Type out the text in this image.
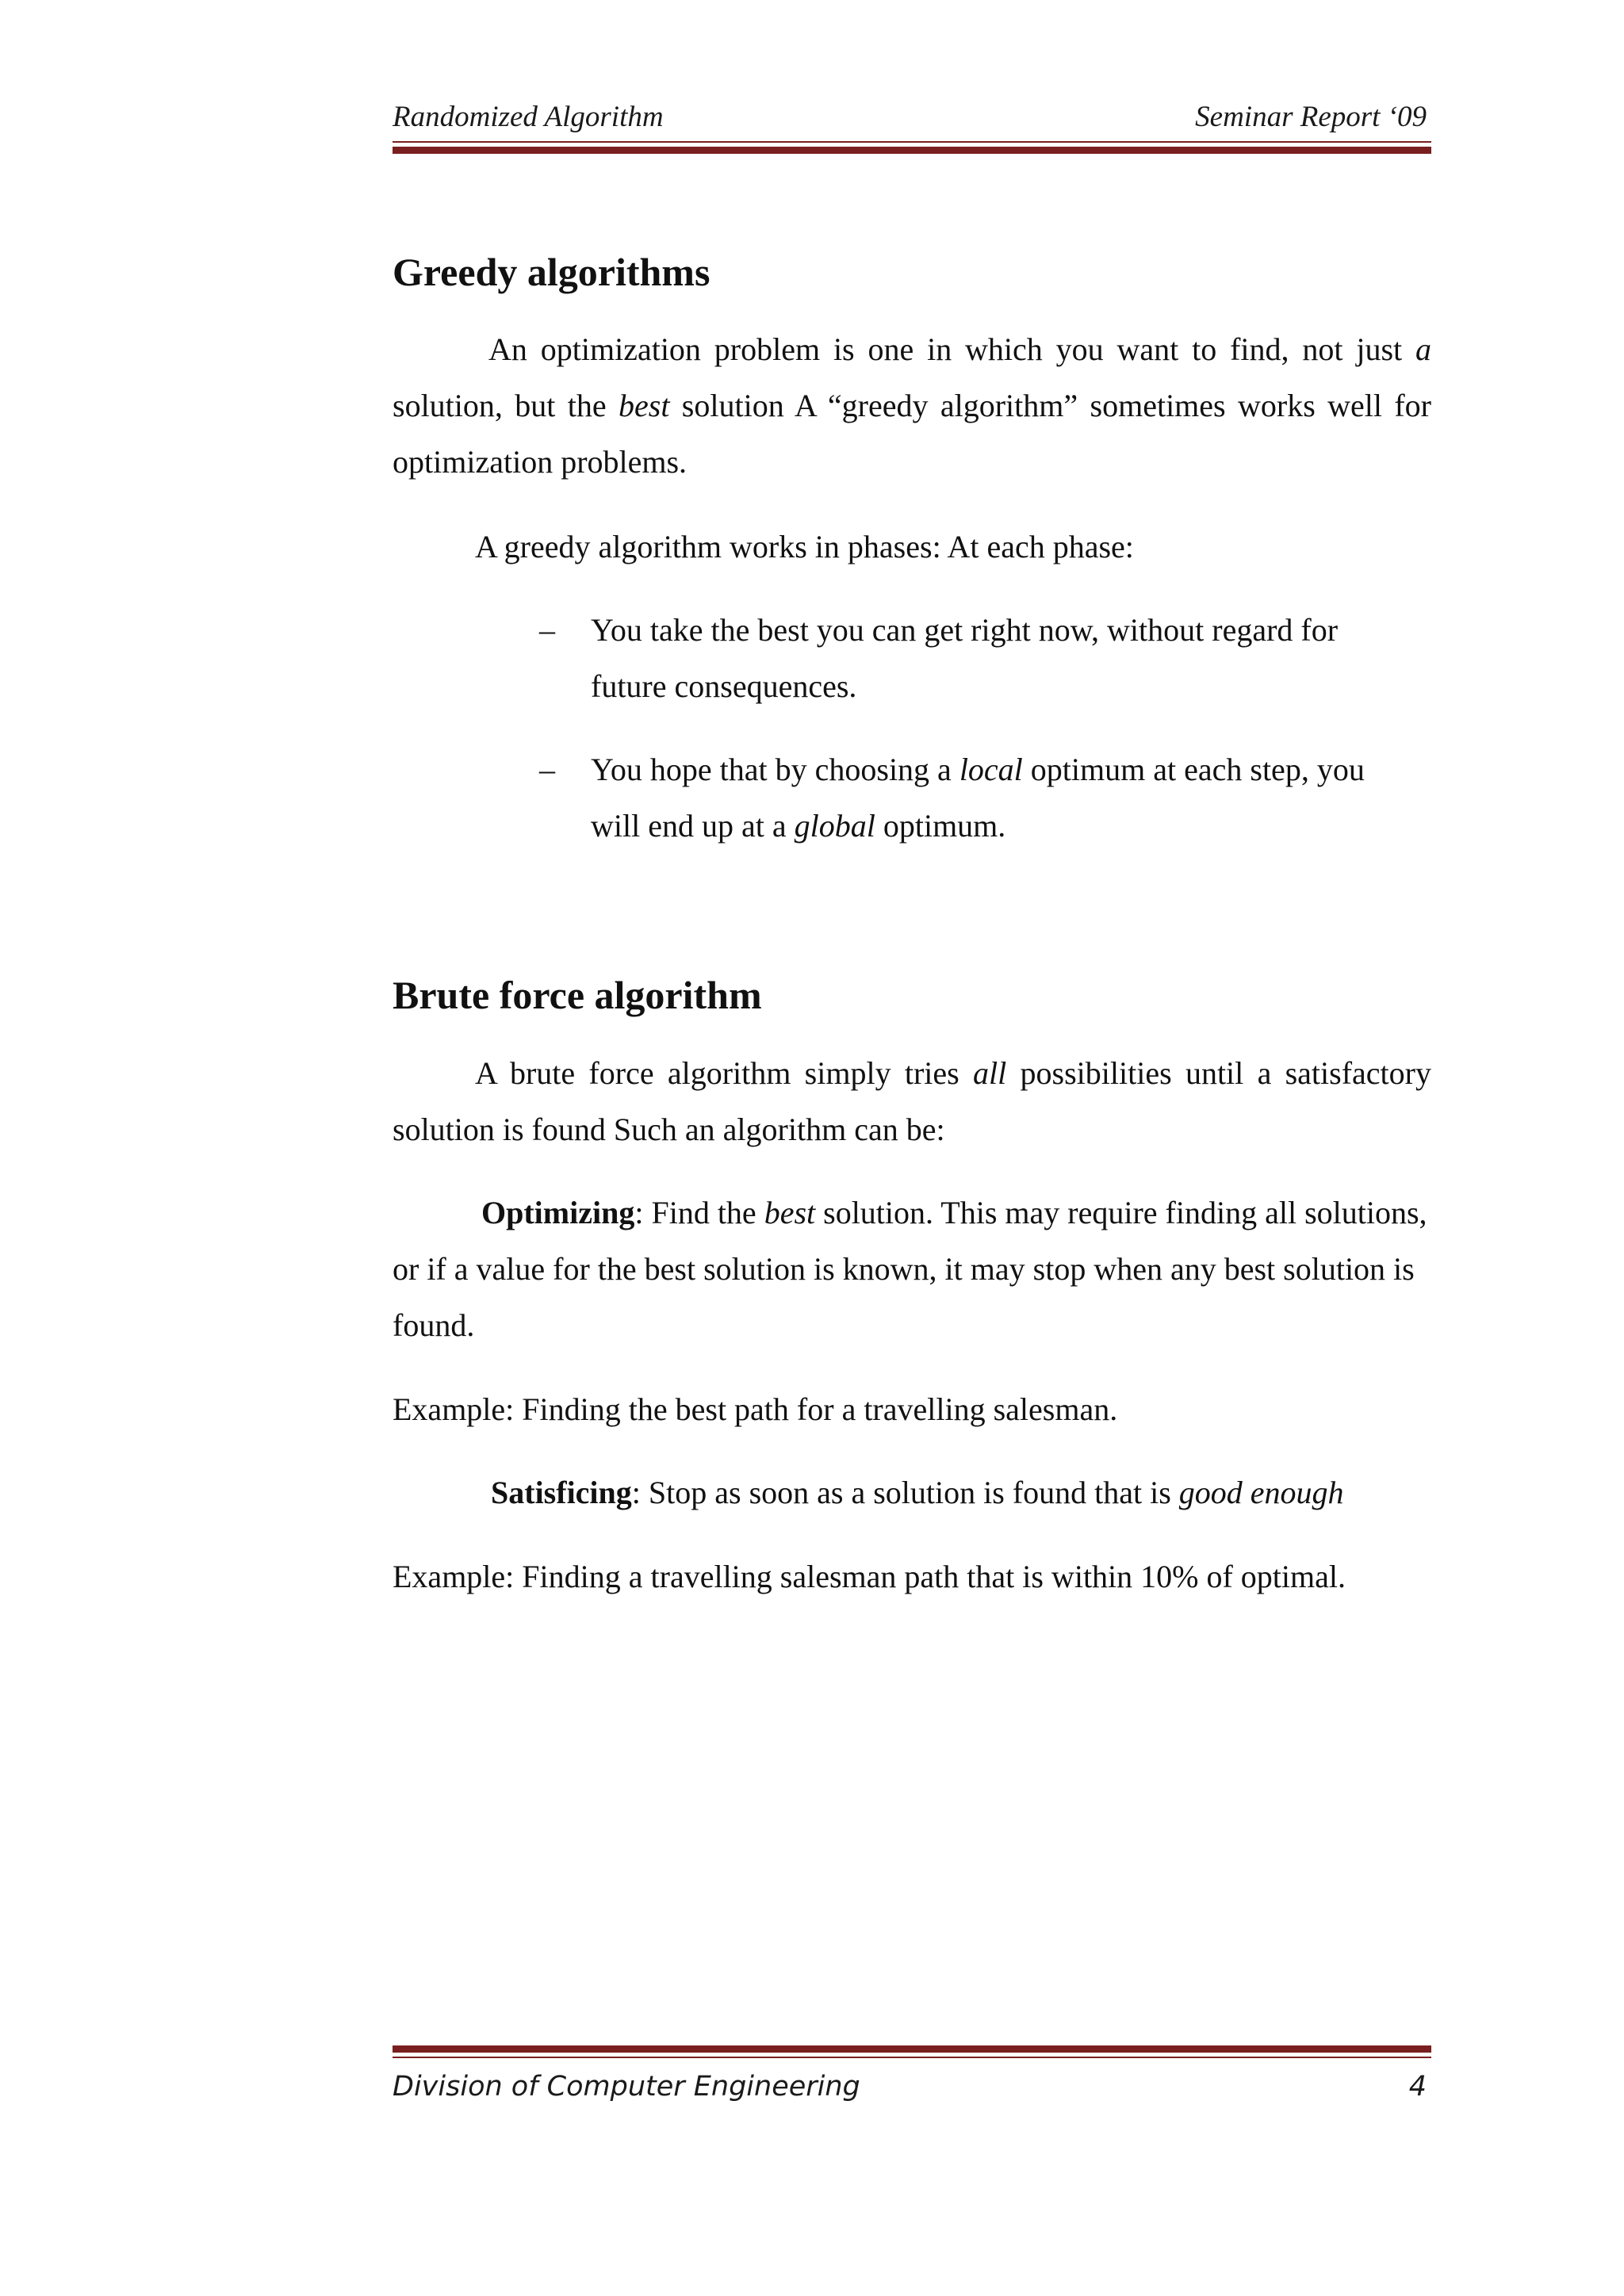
Randomized Algorithm	Seminar Report ‘09
Greedy algorithms

An optimization problem is one in which you want to find, not just a solution, but the best solution A “greedy algorithm” sometimes works well for optimization problems.

A greedy algorithm works in phases: At each phase:

– You take the best you can get right now, without regard for future consequences.
– You hope that by choosing a local optimum at each step, you will end up at a global optimum.
Brute force algorithm

A brute force algorithm simply tries all possibilities until a satisfactory solution is found Such an algorithm can be:

Optimizing: Find the best solution. This may require finding all solutions, or if a value for the best solution is known, it may stop when any best solution is found.

Example: Finding the best path for a travelling salesman.

Satisficing: Stop as soon as a solution is found that is good enough

Example: Finding a travelling salesman path that is within 10% of optimal.

Division of Computer Engineering	4
